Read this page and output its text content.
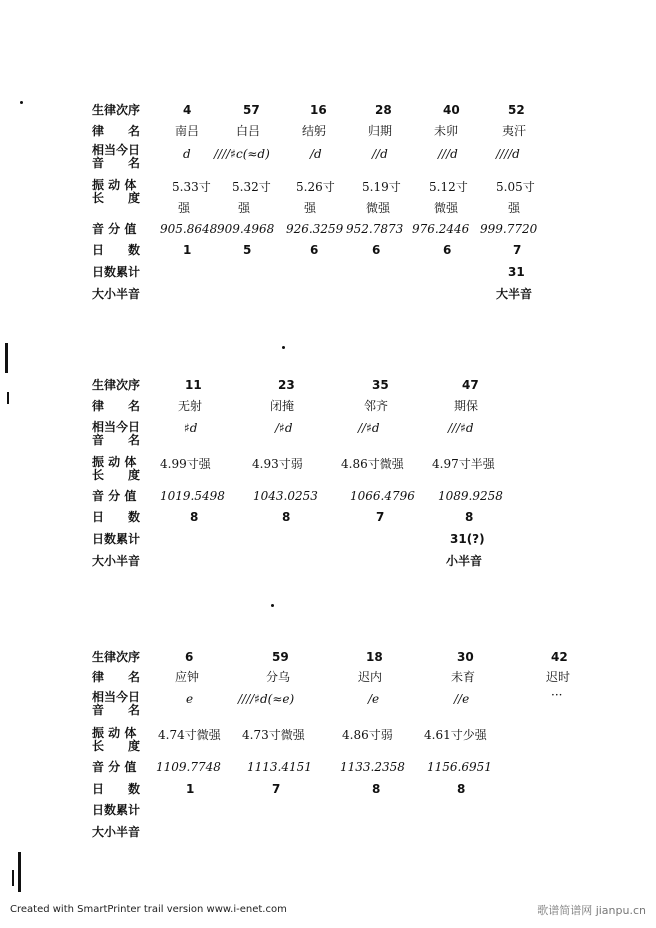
生律次序
律　　名
相当今日
音　　名
振 动 体
长　　度
音 分 值
日　　数
日数累计
大小半音
4
南吕
d
5.33寸
强
905.8648
1
57
白吕
////♯c(≈d)
5.32寸
强
909.4968
5
16
结躬
/d
5.26寸
强
926.3259
6
28
归期
//d
5.19寸
微强
952.7873
6
40
未卯
///d
5.12寸
微强
976.2446
6
52
夷汗
////d
5.05寸
强
999.7720
7
31
大半音
生律次序
律　　名
相当今日
音　　名
振 动 体
长　　度
音 分 值
日　　数
日数累计
大小半音
11
无射
♯d
4.99寸强
1019.5498
8
23
闭掩
/♯d
4.93寸弱
1043.0253
8
35
邻齐
//♯d
4.86寸微强
1066.4796
7
47
期保
///♯d
4.97寸半强
1089.9258
8
31(?)
小半音
生律次序
律　　名
相当今日
音　　名
振 动 体
长　　度
音 分 值
日　　数
日数累计
大小半音
6
应钟
e
4.74寸微强
1109.7748
1
59
分乌
////♯d(≈e)
4.73寸微强
1113.4151
7
18
迟内
/e
4.86寸弱
1133.2358
8
30
未育
//e
4.61寸少强
1156.6951
8
42
迟时
···
Created with SmartPrinter trail version www.i-enet.com	歌谱简谱网 jianpu.cn
